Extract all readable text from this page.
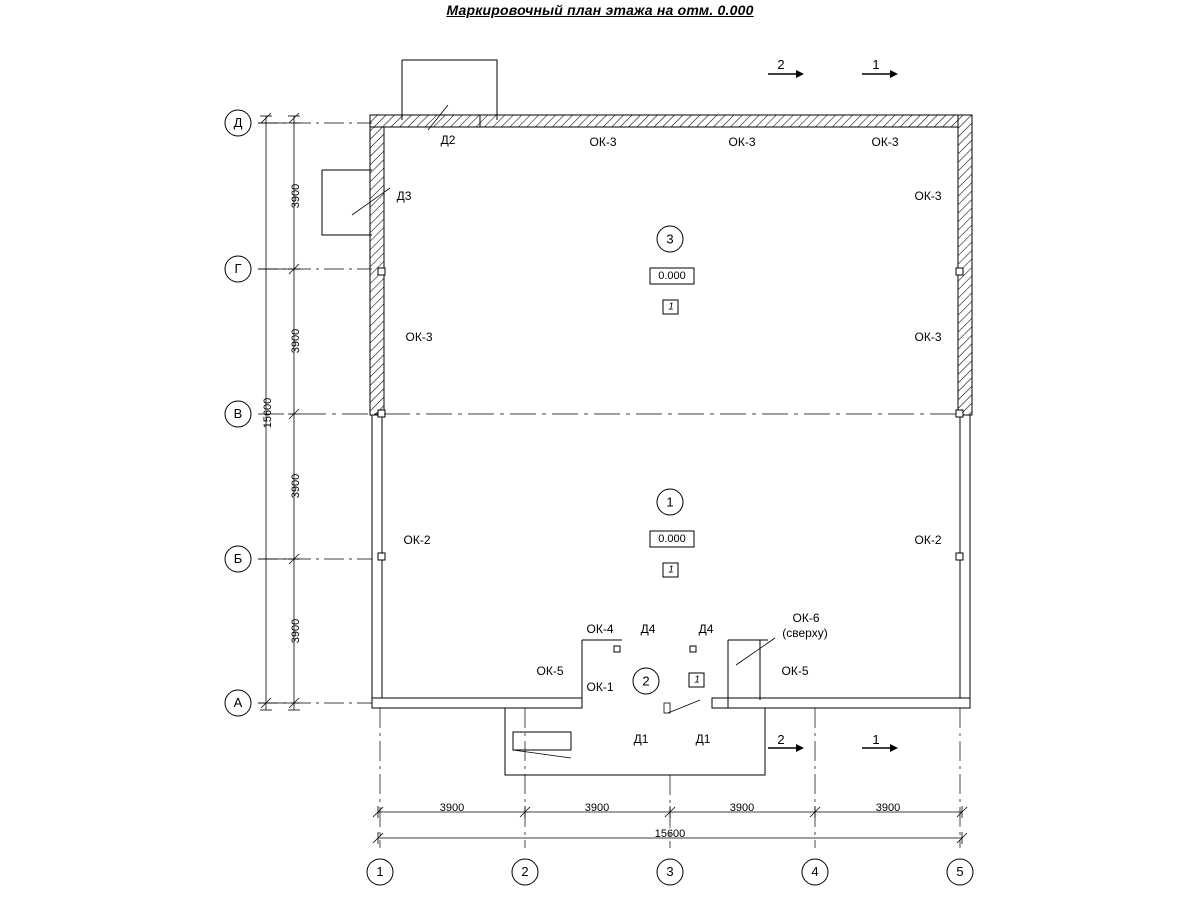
Маркировочный план этажа на отм. 0.000
Д
Г
В
Б
А
1	2	3	4	5
3900
3900
3900
3900
15600
3900	3900	3900	3900
15600
2	1
2	1
3
1
2
0.000
0.000
1
1
1
Д2	ОК-3	ОК-3	ОК-3
ОК-3
Д3
ОК-3	ОК-3
ОК-2	ОК-2
ОК-4 Д4	Д4
ОК-6
(сверху)
ОК-5
ОК-1
ОК-5
Д1	Д1
